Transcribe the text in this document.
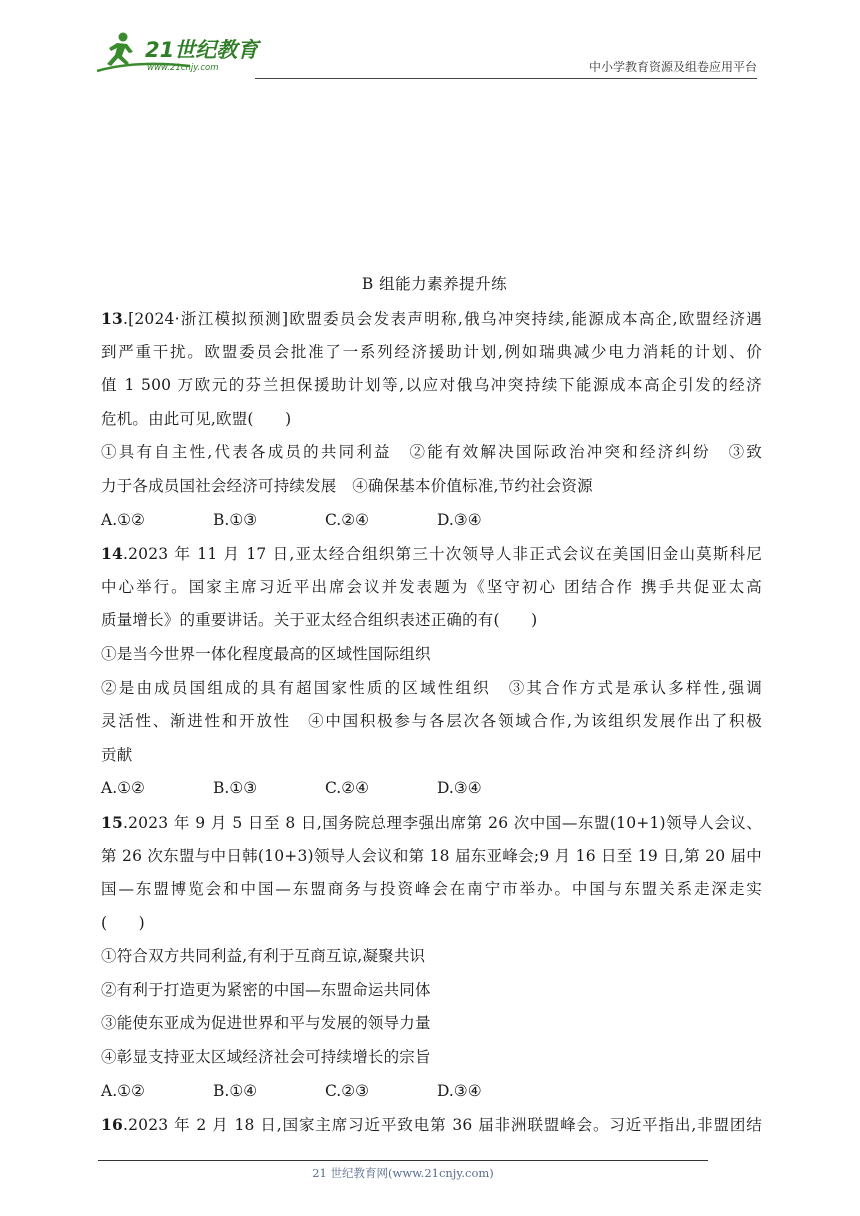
21世纪教育
www.21cnjy.com	中小学教育资源及组卷应用平台
B 组能力素养提升练
13.[2024·浙江模拟预测]欧盟委员会发表声明称,俄乌冲突持续,能源成本高企,欧盟经济遇
到严重干扰。欧盟委员会批准了一系列经济援助计划,例如瑞典减少电力消耗的计划、价
值 1 500 万欧元的芬兰担保援助计划等,以应对俄乌冲突持续下能源成本高企引发的经济
危机。由此可见,欧盟(　　)
①具有自主性,代表各成员的共同利益　②能有效解决国际政治冲突和经济纠纷　③致
力于各成员国社会经济可持续发展　④确保基本价值标准,节约社会资源
A.①②	B.①③	C.②④	D.③④
14.2023 年 11 月 17 日,亚太经合组织第三十次领导人非正式会议在美国旧金山莫斯科尼
中心举行。国家主席习近平出席会议并发表题为《坚守初心 团结合作 携手共促亚太高
质量增长》的重要讲话。关于亚太经合组织表述正确的有(　　)
①是当今世界一体化程度最高的区域性国际组织
②是由成员国组成的具有超国家性质的区域性组织　③其合作方式是承认多样性,强调
灵活性、渐进性和开放性　④中国积极参与各层次各领域合作,为该组织发展作出了积极
贡献
A.①②	B.①③	C.②④	D.③④
15.2023 年 9 月 5 日至 8 日,国务院总理李强出席第 26 次中国—东盟(10+1)领导人会议、
第 26 次东盟与中日韩(10+3)领导人会议和第 18 届东亚峰会;9 月 16 日至 19 日,第 20 届中
国—东盟博览会和中国—东盟商务与投资峰会在南宁市举办。中国与东盟关系走深走实
(　　)
①符合双方共同利益,有利于互商互谅,凝聚共识
②有利于打造更为紧密的中国—东盟命运共同体
③能使东亚成为促进世界和平与发展的领导力量
④彰显支持亚太区域经济社会可持续增长的宗旨
A.①②	B.①④	C.②③	D.③④
16.2023 年 2 月 18 日,国家主席习近平致电第 36 届非洲联盟峰会。习近平指出,非盟团结
21 世纪教育网(www.21cnjy.com)
